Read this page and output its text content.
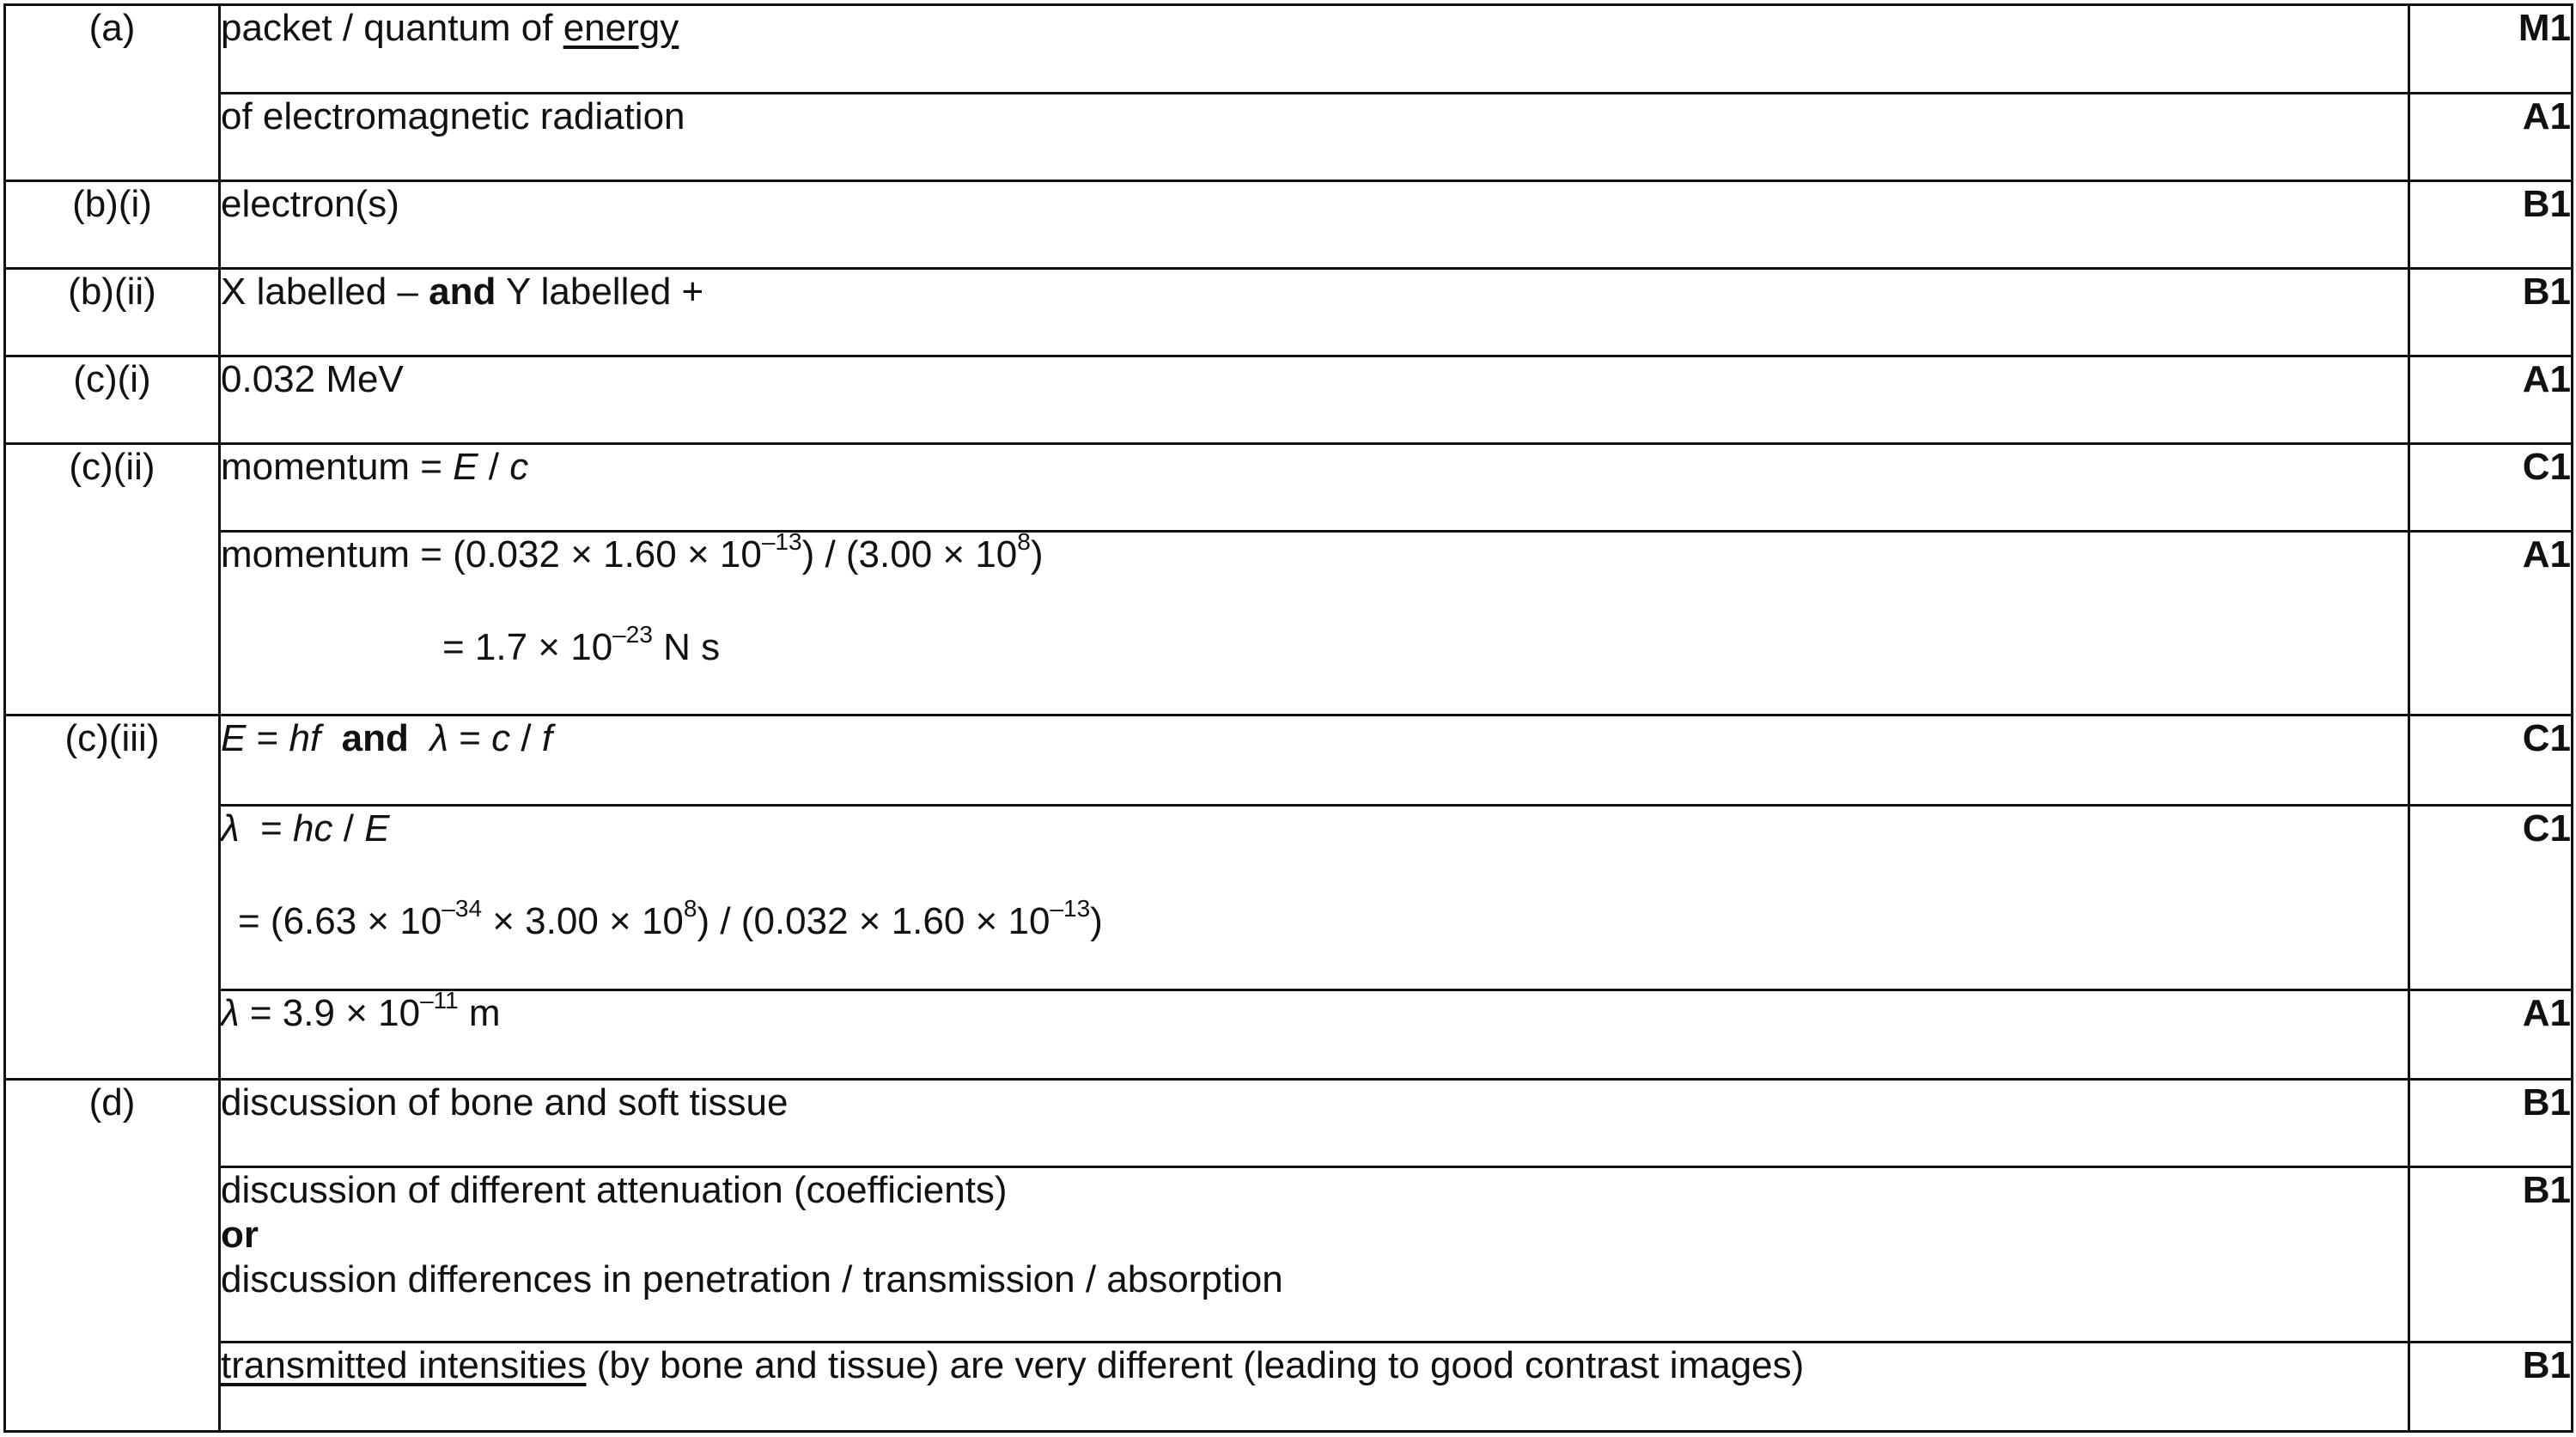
(a)	packet / quantum of energy	M1
	of electromagnetic radiation	A1
(b)(i)	electron(s)	B1
(b)(ii)	X labelled – and Y labelled +	B1
(c)(i)	0.032 MeV	A1
(c)(ii)	momentum = E / c	C1

	momentum = $(0.032 \times 1.60 \times 10^{-13}) / (3.00 \times 10^8)$
= $1.7 \times 10^{-23}$ N s	A1
(c)(iii)	E = hf  and  λ = c / f	C1

	λ  = hc / E
= $(6.63 \times 10^{-34} \times 3.00 \times 10^8) / (0.032 \times 1.60 \times 10^{-13})$	C1
	$\lambda = 3.9 \times 10^{-11}$ m	A1
(d)	discussion of bone and soft tissue	B1

	discussion of different attenuation (coefficients)
or
discussion differences in penetration / transmission / absorption	B1
	transmitted intensities (by bone and tissue) are very different (leading to good contrast images)	B1
